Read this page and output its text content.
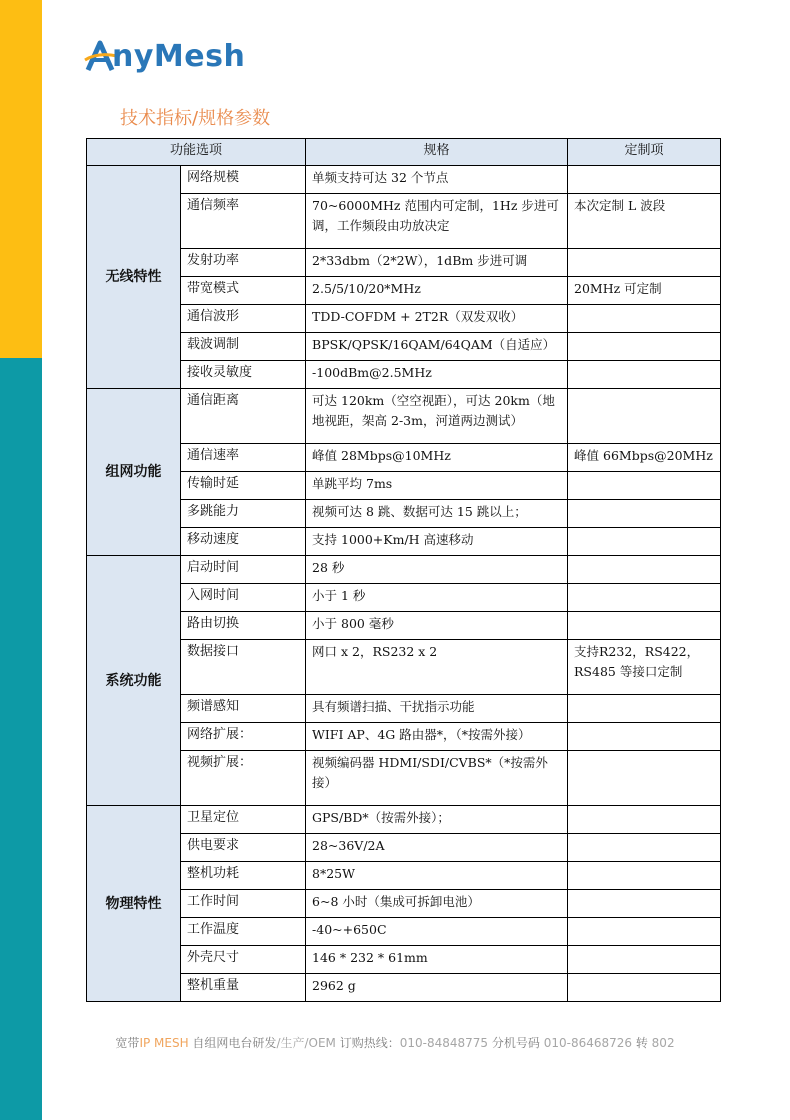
nyMesh
技术指标/规格参数
功能选项		规格	定制项
无线特性	网络规模	单频支持可达 32 个节点	
	通信频率	70~6000MHz 范围内可定制，1Hz 步进可调，工作频段由功放决定	本次定制 L 波段
	发射功率	2*33dbm（2*2W），1dBm 步进可调	
	带宽模式	2.5/5/10/20*MHz	20MHz 可定制
	通信波形	TDD-COFDM + 2T2R（双发双收）	
	载波调制	BPSK/QPSK/16QAM/64QAM（自适应）	
	接收灵敏度	-100dBm@2.5MHz	
组网功能	通信距离	可达 120km（空空视距），可达 20km（地地视距，架高 2-3m，河道两边测试）	
	通信速率	峰值 28Mbps@10MHz	峰值 66Mbps@20MHz
	传输时延	单跳平均 7ms	
	多跳能力	视频可达 8 跳、数据可达 15 跳以上；	
	移动速度	支持 1000+Km/H 高速移动	
系统功能	启动时间	28 秒	
	入网时间	小于 1 秒	
	路由切换	小于 800 毫秒	
	数据接口	网口 x 2，RS232 x 2	支持R232，RS422，RS485 等接口定制
	频谱感知	具有频谱扫描、干扰指示功能	
	网络扩展：	WIFI AP、4G 路由器*，（*按需外接）	
	视频扩展：	视频编码器 HDMI/SDI/CVBS*（*按需外接）	
物理特性	卫星定位	GPS/BD*（按需外接）；	
	供电要求	28~36V/2A	
	整机功耗	8*25W	
	工作时间	6~8 小时（集成可拆卸电池）	
	工作温度	-40~+650C	
	外壳尺寸	146 * 232 * 61mm	
	整机重量	2962 g	
宽带IP MESH 自组网电台研发/生产/OEM 订购热线：010-84848775 分机号码 010-86468726 转 802
